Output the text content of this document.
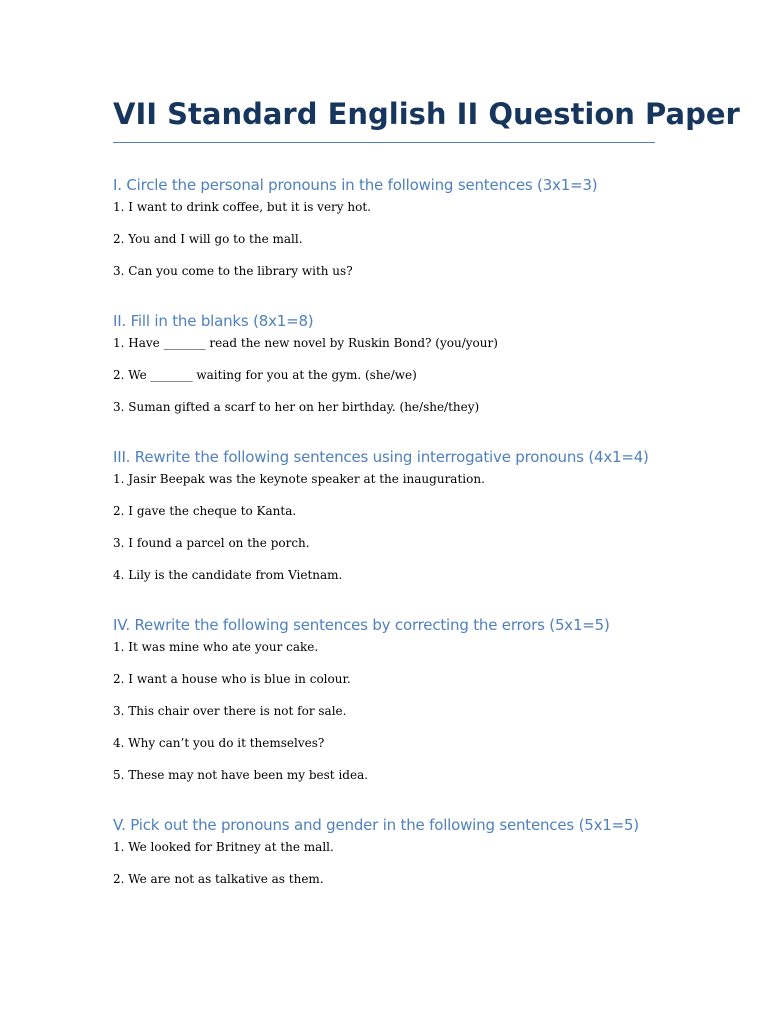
VII Standard English II Question Paper
I. Circle the personal pronouns in the following sentences (3x1=3)
1. I want to drink coffee, but it is very hot.
2. You and I will go to the mall.
3. Can you come to the library with us?
II. Fill in the blanks (8x1=8)
1. Have _______ read the new novel by Ruskin Bond? (you/your)
2. We _______ waiting for you at the gym. (she/we)
3. Suman gifted a scarf to her on her birthday. (he/she/they)
III. Rewrite the following sentences using interrogative pronouns (4x1=4)
1. Jasir Beepak was the keynote speaker at the inauguration.
2. I gave the cheque to Kanta.
3. I found a parcel on the porch.
4. Lily is the candidate from Vietnam.
IV. Rewrite the following sentences by correcting the errors (5x1=5)
1. It was mine who ate your cake.
2. I want a house who is blue in colour.
3. This chair over there is not for sale.
4. Why can’t you do it themselves?
5. These may not have been my best idea.
V. Pick out the pronouns and gender in the following sentences (5x1=5)
1. We looked for Britney at the mall.
2. We are not as talkative as them.
